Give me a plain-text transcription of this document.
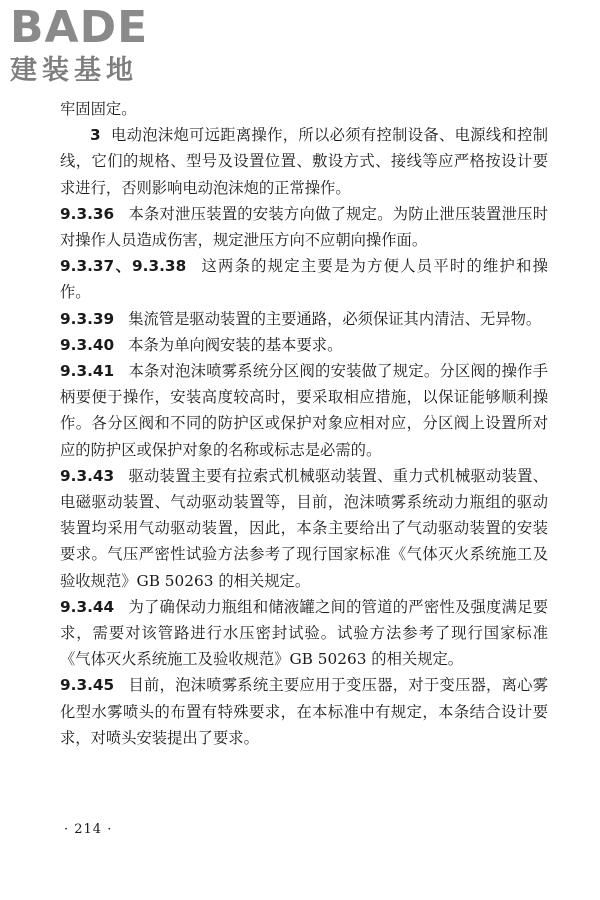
BADE
建装基地

牢固固定。

3 电动泡沫炮可远距离操作，所以必须有控制设备、电源线和控制线，它们的规格、型号及设置位置、敷设方式、接线等应严格按设计要求进行，否则影响电动泡沫炮的正常操作。

9.3.36 本条对泄压装置的安装方向做了规定。为防止泄压装置泄压时对操作人员造成伤害，规定泄压方向不应朝向操作面。

9.3.37、9.3.38 这两条的规定主要是为方便人员平时的维护和操作。

9.3.39 集流管是驱动装置的主要通路，必须保证其内清洁、无异物。

9.3.40 本条为单向阀安装的基本要求。

9.3.41 本条对泡沫喷雾系统分区阀的安装做了规定。分区阀的操作手柄要便于操作，安装高度较高时，要采取相应措施，以保证能够顺利操作。各分区阀和不同的防护区或保护对象应相对应，分区阀上设置所对应的防护区或保护对象的名称或标志是必需的。

9.3.43 驱动装置主要有拉索式机械驱动装置、重力式机械驱动装置、电磁驱动装置、气动驱动装置等，目前，泡沫喷雾系统动力瓶组的驱动装置均采用气动驱动装置，因此，本条主要给出了气动驱动装置的安装要求。气压严密性试验方法参考了现行国家标准《气体灭火系统施工及验收规范》GB 50263 的相关规定。

9.3.44 为了确保动力瓶组和储液罐之间的管道的严密性及强度满足要求，需要对该管路进行水压密封试验。试验方法参考了现行国家标准《气体灭火系统施工及验收规范》GB 50263 的相关规定。

9.3.45 目前，泡沫喷雾系统主要应用于变压器，对于变压器，离心雾化型水雾喷头的布置有特殊要求，在本标准中有规定，本条结合设计要求，对喷头安装提出了要求。

· 214 ·
